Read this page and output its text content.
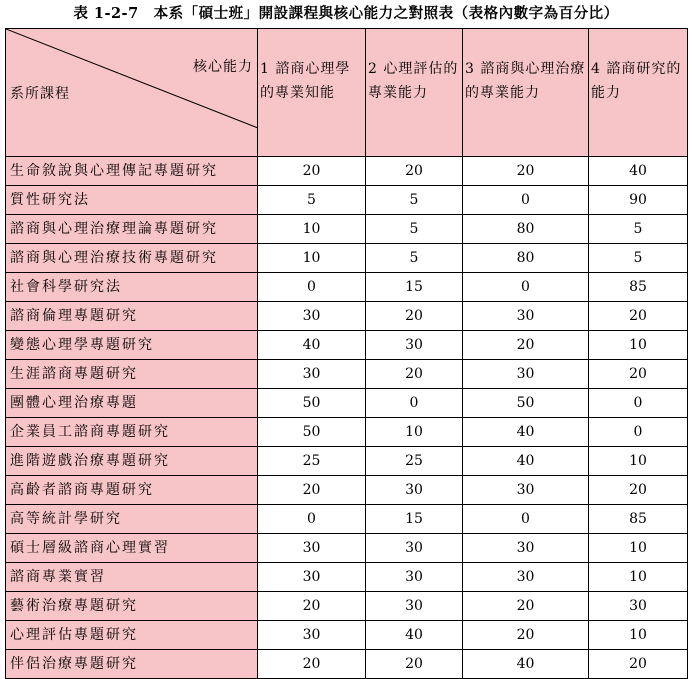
表 1-2-7　本系「碩士班」開設課程與核心能力之對照表（表格內數字為百分比）
核心能力
系所課程	1 諮商心理學的專業知能	2 心理評估的專業能力	3 諮商與心理治療的專業能力	4 諮商研究的能力
生命敘說與心理傳記專題研究	20	20	20	40
質性研究法	5	5	0	90
諮商與心理治療理論專題研究	10	5	80	5
諮商與心理治療技術專題研究	10	5	80	5
社會科學研究法	0	15	0	85
諮商倫理專題研究	30	20	30	20
變態心理學專題研究	40	30	20	10
生涯諮商專題研究	30	20	30	20
團體心理治療專題	50	0	50	0
企業員工諮商專題研究	50	10	40	0
進階遊戲治療專題研究	25	25	40	10
高齡者諮商專題研究	20	30	30	20
高等統計學研究	0	15	0	85
碩士層級諮商心理實習	30	30	30	10
諮商專業實習	30	30	30	10
藝術治療專題研究	20	30	20	30
心理評估專題研究	30	40	20	10
伴侶治療專題研究	20	20	40	20
